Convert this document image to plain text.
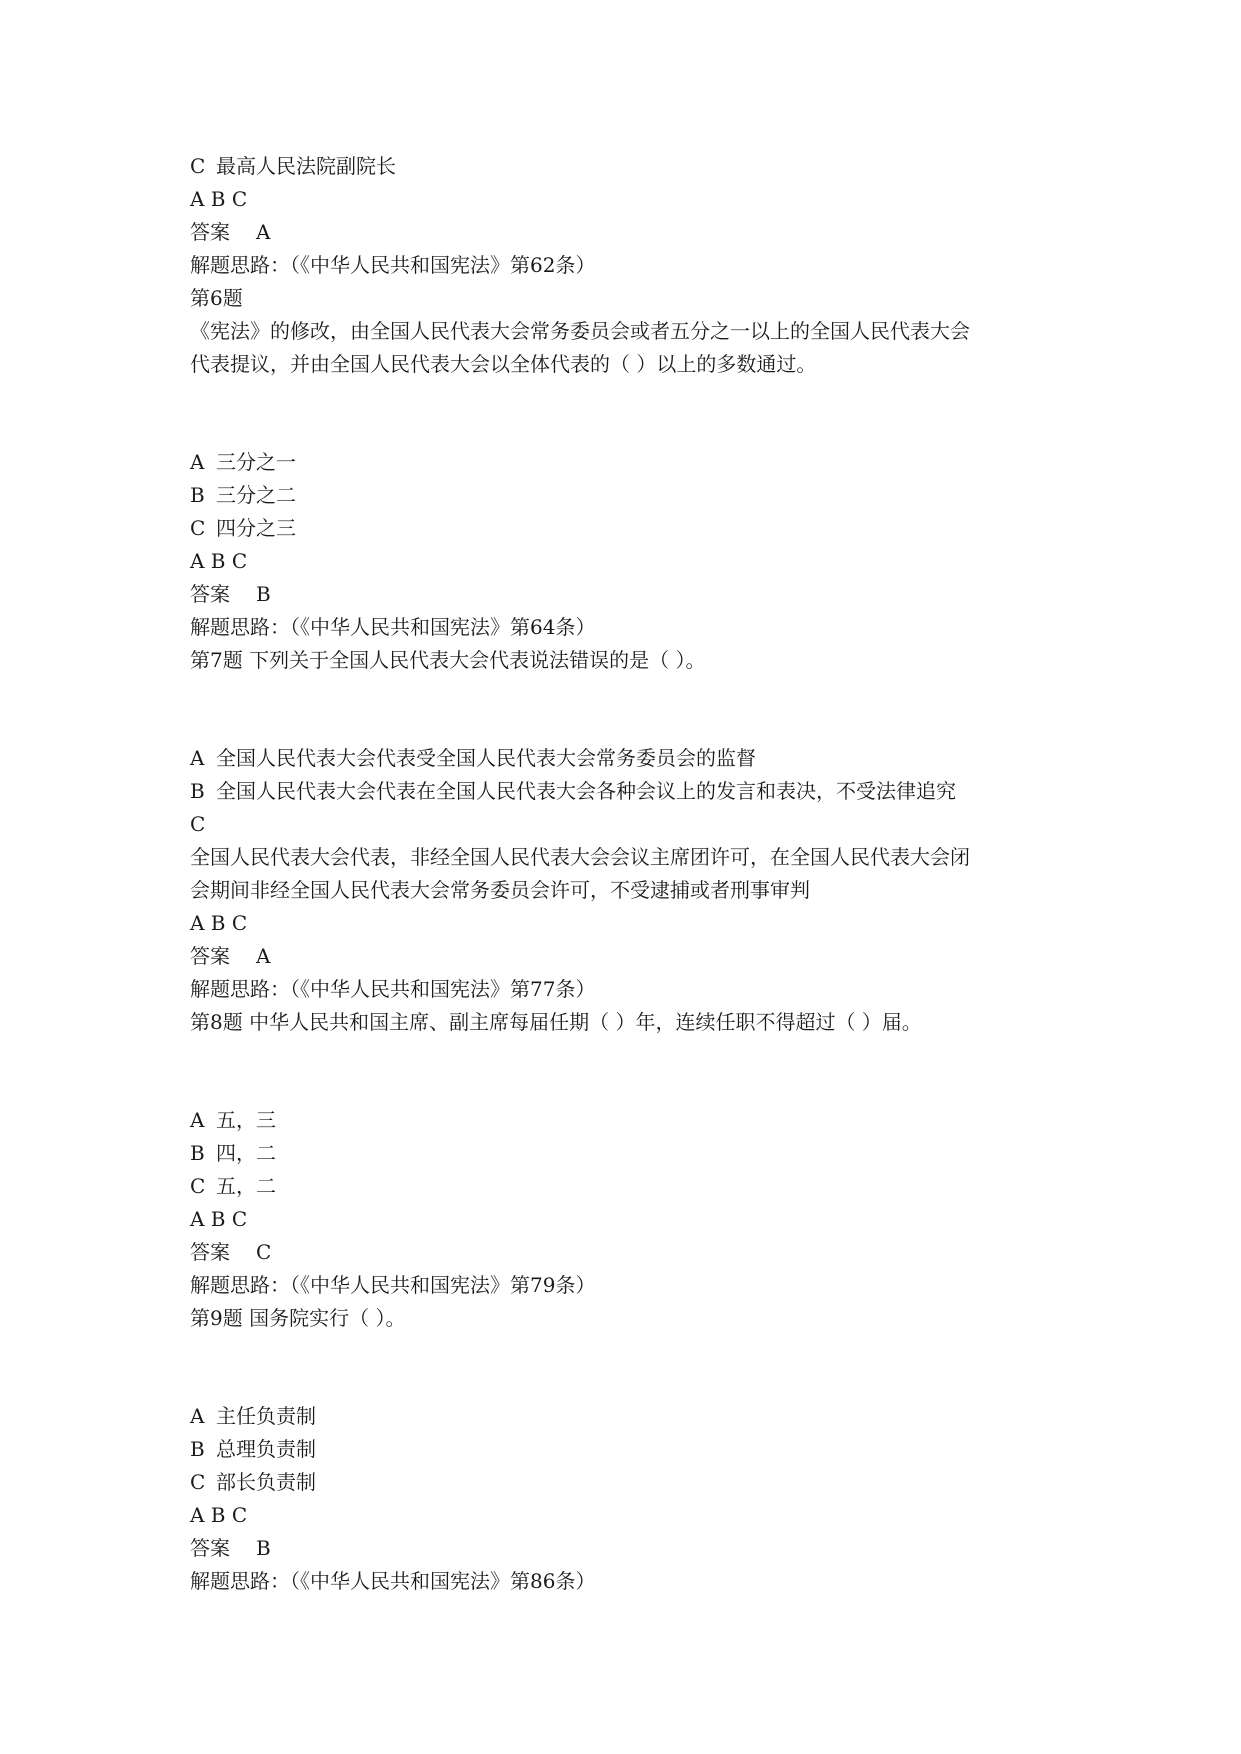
C 最高人民法院副院长
A B C
答案 A
解题思路：（《中华人民共和国宪法》第62条）
第6题
《宪法》的修改，由全国人民代表大会常务委员会或者五分之一以上的全国人民代表大会
代表提议，并由全国人民代表大会以全体代表的（ ）以上的多数通过。
A 三分之一
B 三分之二
C 四分之三
A B C
答案 B
解题思路：（《中华人民共和国宪法》第64条）
第7题 下列关于全国人民代表大会代表说法错误的是（ ）。
A 全国人民代表大会代表受全国人民代表大会常务委员会的监督
B 全国人民代表大会代表在全国人民代表大会各种会议上的发言和表决，不受法律追究
C
全国人民代表大会代表，非经全国人民代表大会会议主席团许可，在全国人民代表大会闭
会期间非经全国人民代表大会常务委员会许可，不受逮捕或者刑事审判
A B C
答案 A
解题思路：（《中华人民共和国宪法》第77条）
第8题 中华人民共和国主席、副主席每届任期（ ）年，连续任职不得超过（ ）届。
A 五，三
B 四，二
C 五，二
A B C
答案 C
解题思路：（《中华人民共和国宪法》第79条）
第9题 国务院实行（ ）。
A 主任负责制
B 总理负责制
C 部长负责制
A B C
答案 B
解题思路：（《中华人民共和国宪法》第86条）
